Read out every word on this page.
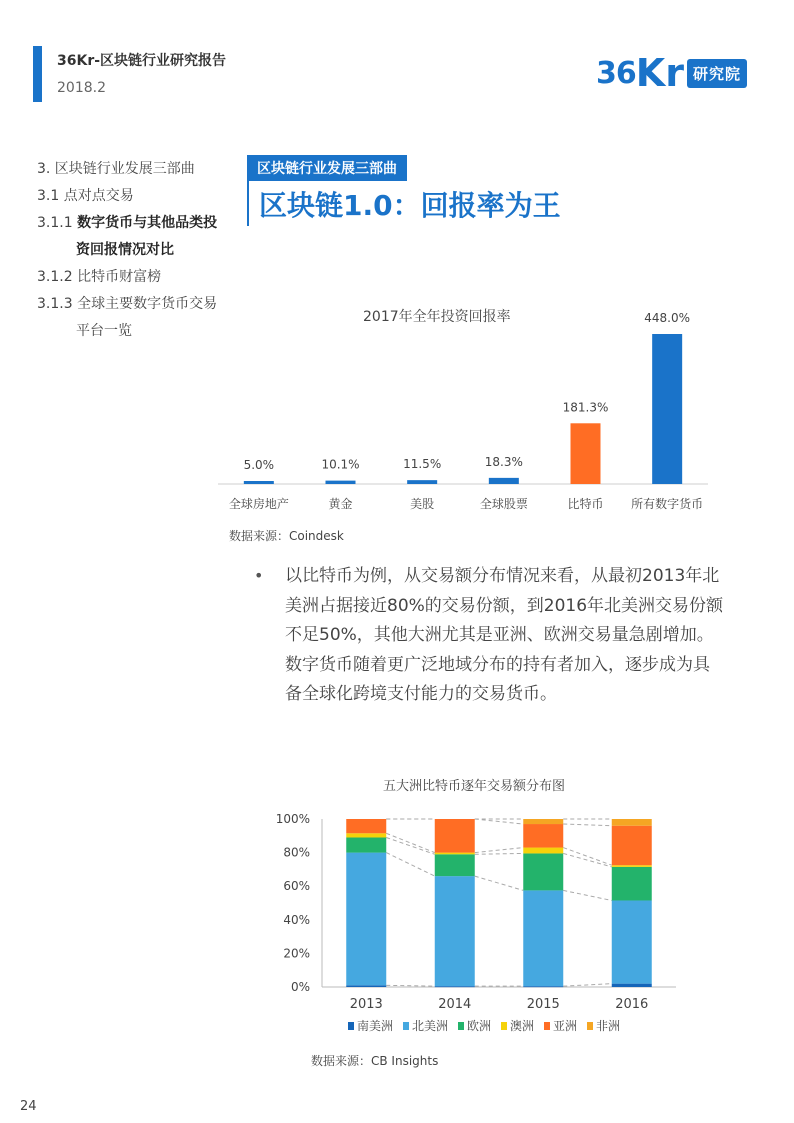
36Kr-区块链行业研究报告
2018.2	36 Kr 研究院
3. 区块链行业发展三部曲
3.1 点对点交易
3.1.1 数字货币与其他品类投
资回报情况对比
3.1.2 比特币财富榜
3.1.3 全球主要数字货币交易
平台一览
区块链行业发展三部曲
区块链1.0：回报率为王
2017年全年投资回报率
5.0%
全球房地产
10.1%
黄金
11.5%
美股
18.3%
全球股票
181.3%
比特币
448.0%
所有数字货币
数据来源：Coindesk
• 以比特币为例，从交易额分布情况来看，从最初2013年北美洲占据接近80%的交易份额，到2016年北美洲交易份额不足50%，其他大洲尤其是亚洲、欧洲交易量急剧增加。数字货币随着更广泛地域分布的持有者加入，逐步成为具备全球化跨境支付能力的交易货币。
五大洲比特币逐年交易额分布图
0%
20%
40%
60%
80%
100%
2013	2014	2015	2016
南美洲 北美洲 欧洲 澳洲 亚洲 非洲
数据来源：CB Insights
24
